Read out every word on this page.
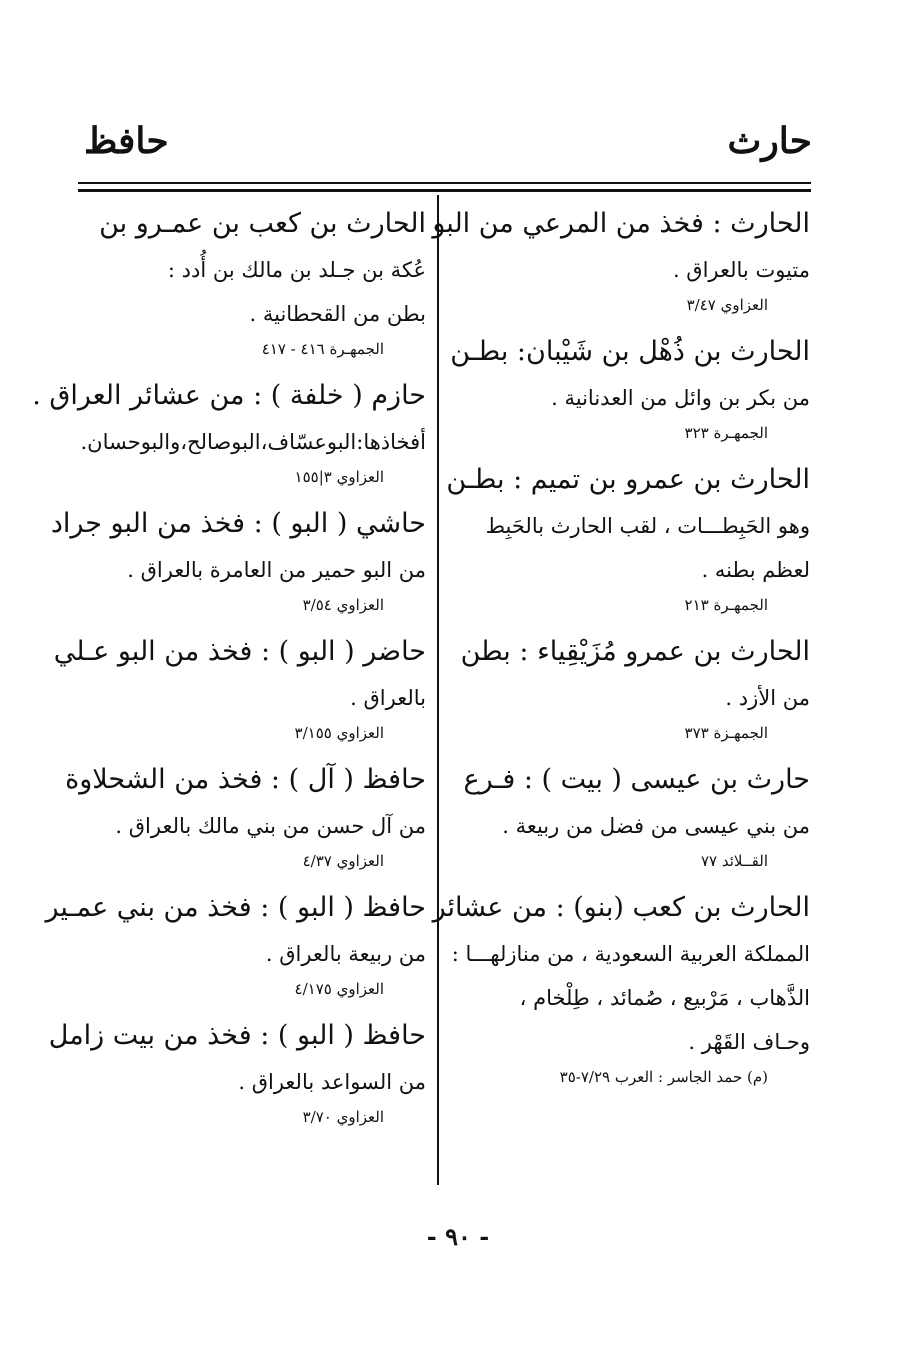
حارث
حافظ
الحارث : فخذ من المرعي من البو
متيوت بالعراق .
العزاوي ٣/٤٧
الحارث بن ذُهْل بن شَيْبان: بطـن
من بكر بن وائل من العدنانية .
الجمهـرة ٣٢٣
الحارث بن عمرو بن تميم : بطـن
وهو الحَبِطـــات ، لقب الحارث بالحَبِط
لعظم بطنه .
الجمهـرة ٢١٣
الحارث بن عمرو مُزَيْقِياء : بطن
من الأزد .
الجمهـزة ٣٧٣
حارث بن عيسى ( بيت ) : فـرع
من بني عيسى من فضل من ربيعة .
القــلائد ٧٧
الحارث بن كعب (بنو) : من عشائر
المملكة العربية السعودية ، من منازلهـــا :
الذَّهاب ، مَرْبيع ، صُمائد ، طِلْخام ،
وحـاف القَهْر .
(م) حمد الجاسر : العرب ٧/٢٩-٣٥
الحارث بن كعب بن عمـرو بن
عُكة بن جـلد بن مالك بن أُدد :
بطن من القحطانية .
الجمهـرة ٤١٦ - ٤١٧
حازم ( خلفة ) : من عشائر العراق .
أفخاذها:البوعسّاف،البوصالح،والبوحسان.
العزاوي ٣|١٥٥
حاشي ( البو ) : فخذ من البو جراد
من البو حمير من العامرة بالعراق .
العزاوي ٣/٥٤
حاضر ( البو ) : فخذ من البو عـلي
بالعراق .
العزاوي ٣/١٥٥
حافظ ( آل ) : فخذ من الشحلاوة
من آل حسن من بني مالك بالعراق .
العزاوي ٤/٣٧
حافظ ( البو ) : فخذ من بني عمـير
من ربيعة بالعراق .
العزاوي ٤/١٧٥
حافظ ( البو ) : فخذ من بيت زامل
من السواعد بالعراق .
العزاوي ٣/٧٠
- ٩٠ -
